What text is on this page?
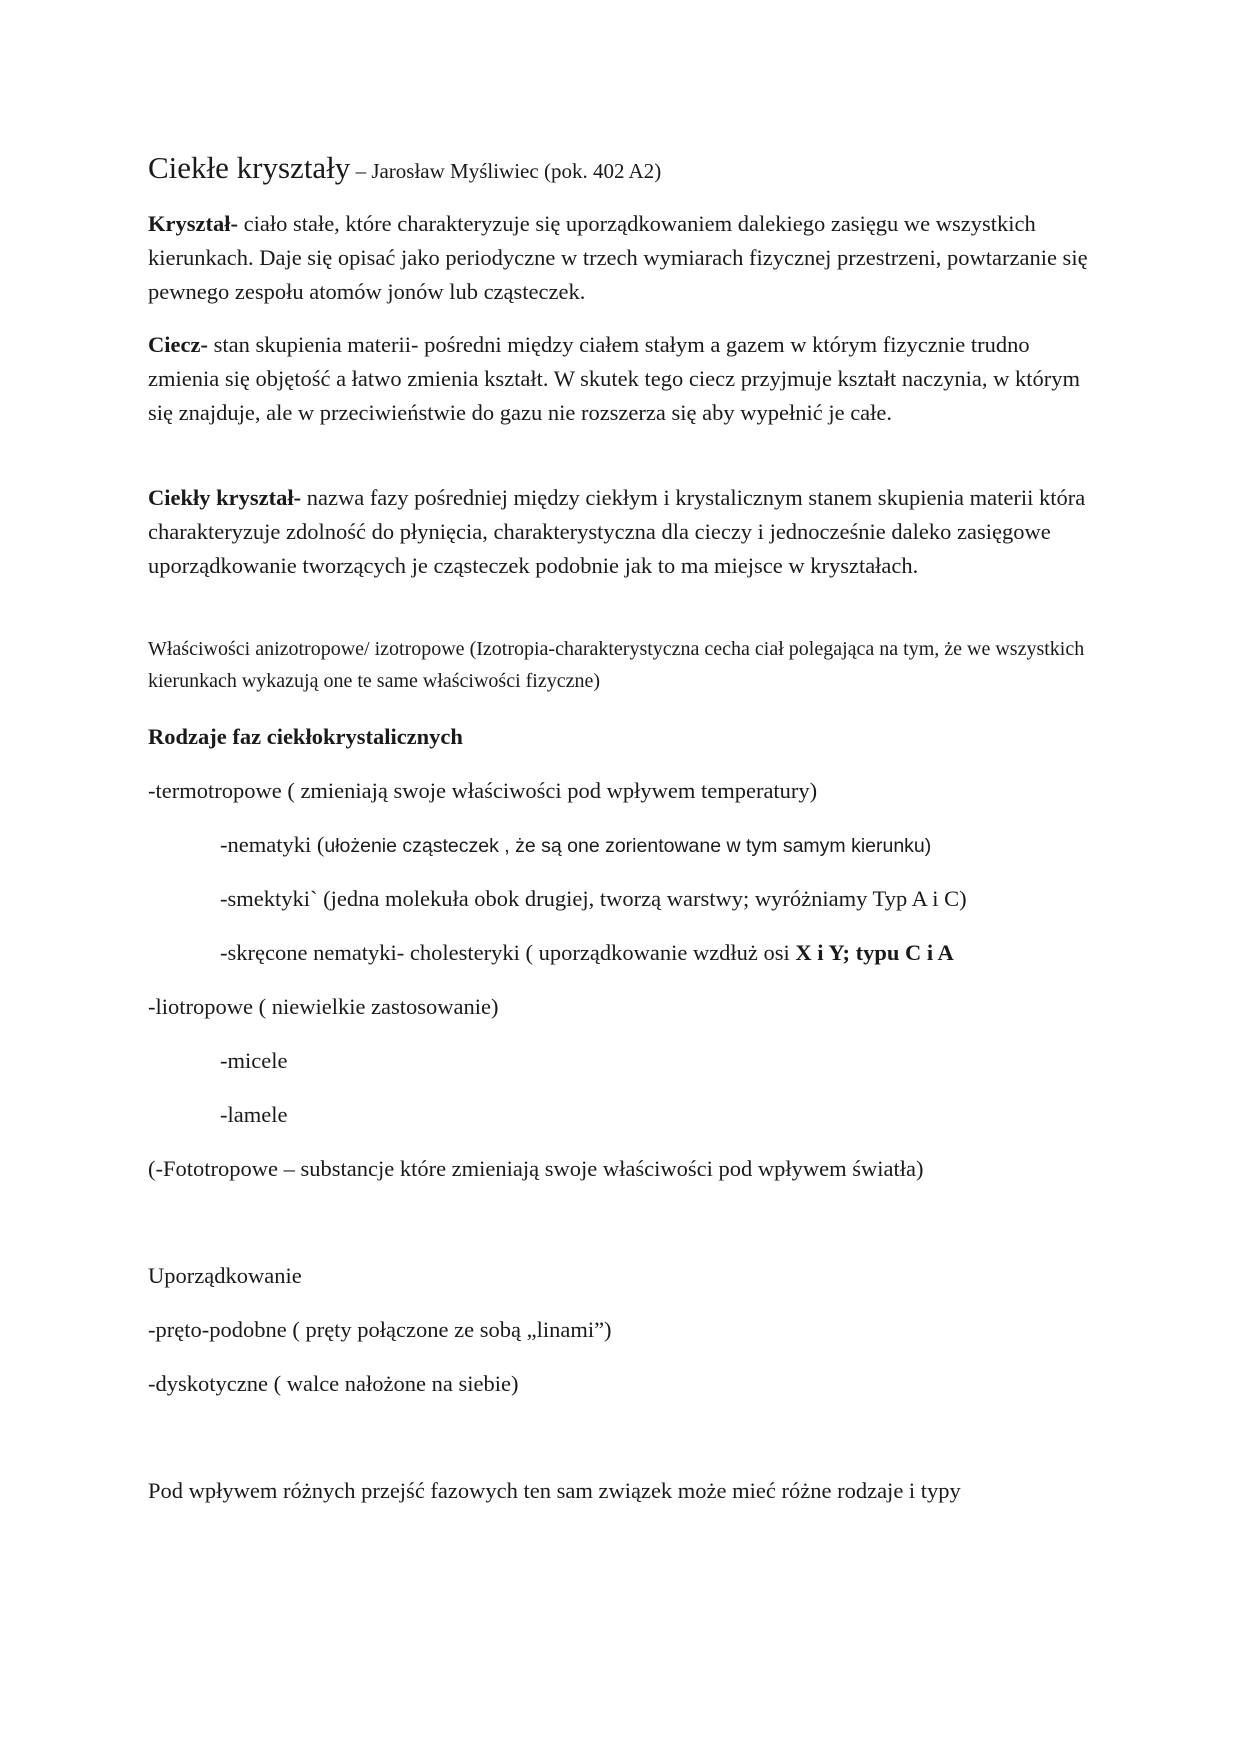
Ciekłe kryształy – Jarosław Myśliwiec (pok. 402 A2)

Kryształ- ciało stałe, które charakteryzuje się uporządkowaniem dalekiego zasięgu we wszystkich kierunkach. Daje się opisać jako periodyczne w trzech wymiarach fizycznej przestrzeni, powtarzanie się pewnego zespołu atomów jonów lub cząsteczek.

Ciecz- stan skupienia materii- pośredni między ciałem stałym a gazem w którym fizycznie trudno zmienia się objętość a łatwo zmienia kształt. W skutek tego ciecz przyjmuje kształt naczynia, w którym się znajduje, ale w przeciwieństwie do gazu nie rozszerza się aby wypełnić je całe.

Ciekły kryształ- nazwa fazy pośredniej między ciekłym i krystalicznym stanem skupienia materii która charakteryzuje zdolność do płynięcia, charakterystyczna dla cieczy i jednocześnie daleko zasięgowe uporządkowanie tworzących je cząsteczek podobnie jak to ma miejsce w kryształach.

Właściwości anizotropowe/ izotropowe (Izotropia-charakterystyczna cecha ciał polegająca na tym, że we wszystkich kierunkach wykazują one te same właściwości fizyczne)

Rodzaje faz ciekłokrystalicznych

-termotropowe ( zmieniają swoje właściwości pod wpływem temperatury)

-nematyki (ułożenie cząsteczek , że są one zorientowane w tym samym kierunku)

-smektyki` (jedna molekuła obok drugiej, tworzą warstwy; wyróżniamy Typ A i C)

-skręcone nematyki- cholesteryki ( uporządkowanie wzdłuż osi X i Y; typu C i A

-liotropowe ( niewielkie zastosowanie)

-micele

-lamele

(-Fototropowe – substancje które zmieniają swoje właściwości pod wpływem światła)

Uporządkowanie

-pręto-podobne ( pręty połączone ze sobą „linami”)

-dyskotyczne ( walce nałożone na siebie)

Pod wpływem różnych przejść fazowych ten sam związek może mieć różne rodzaje i typy
